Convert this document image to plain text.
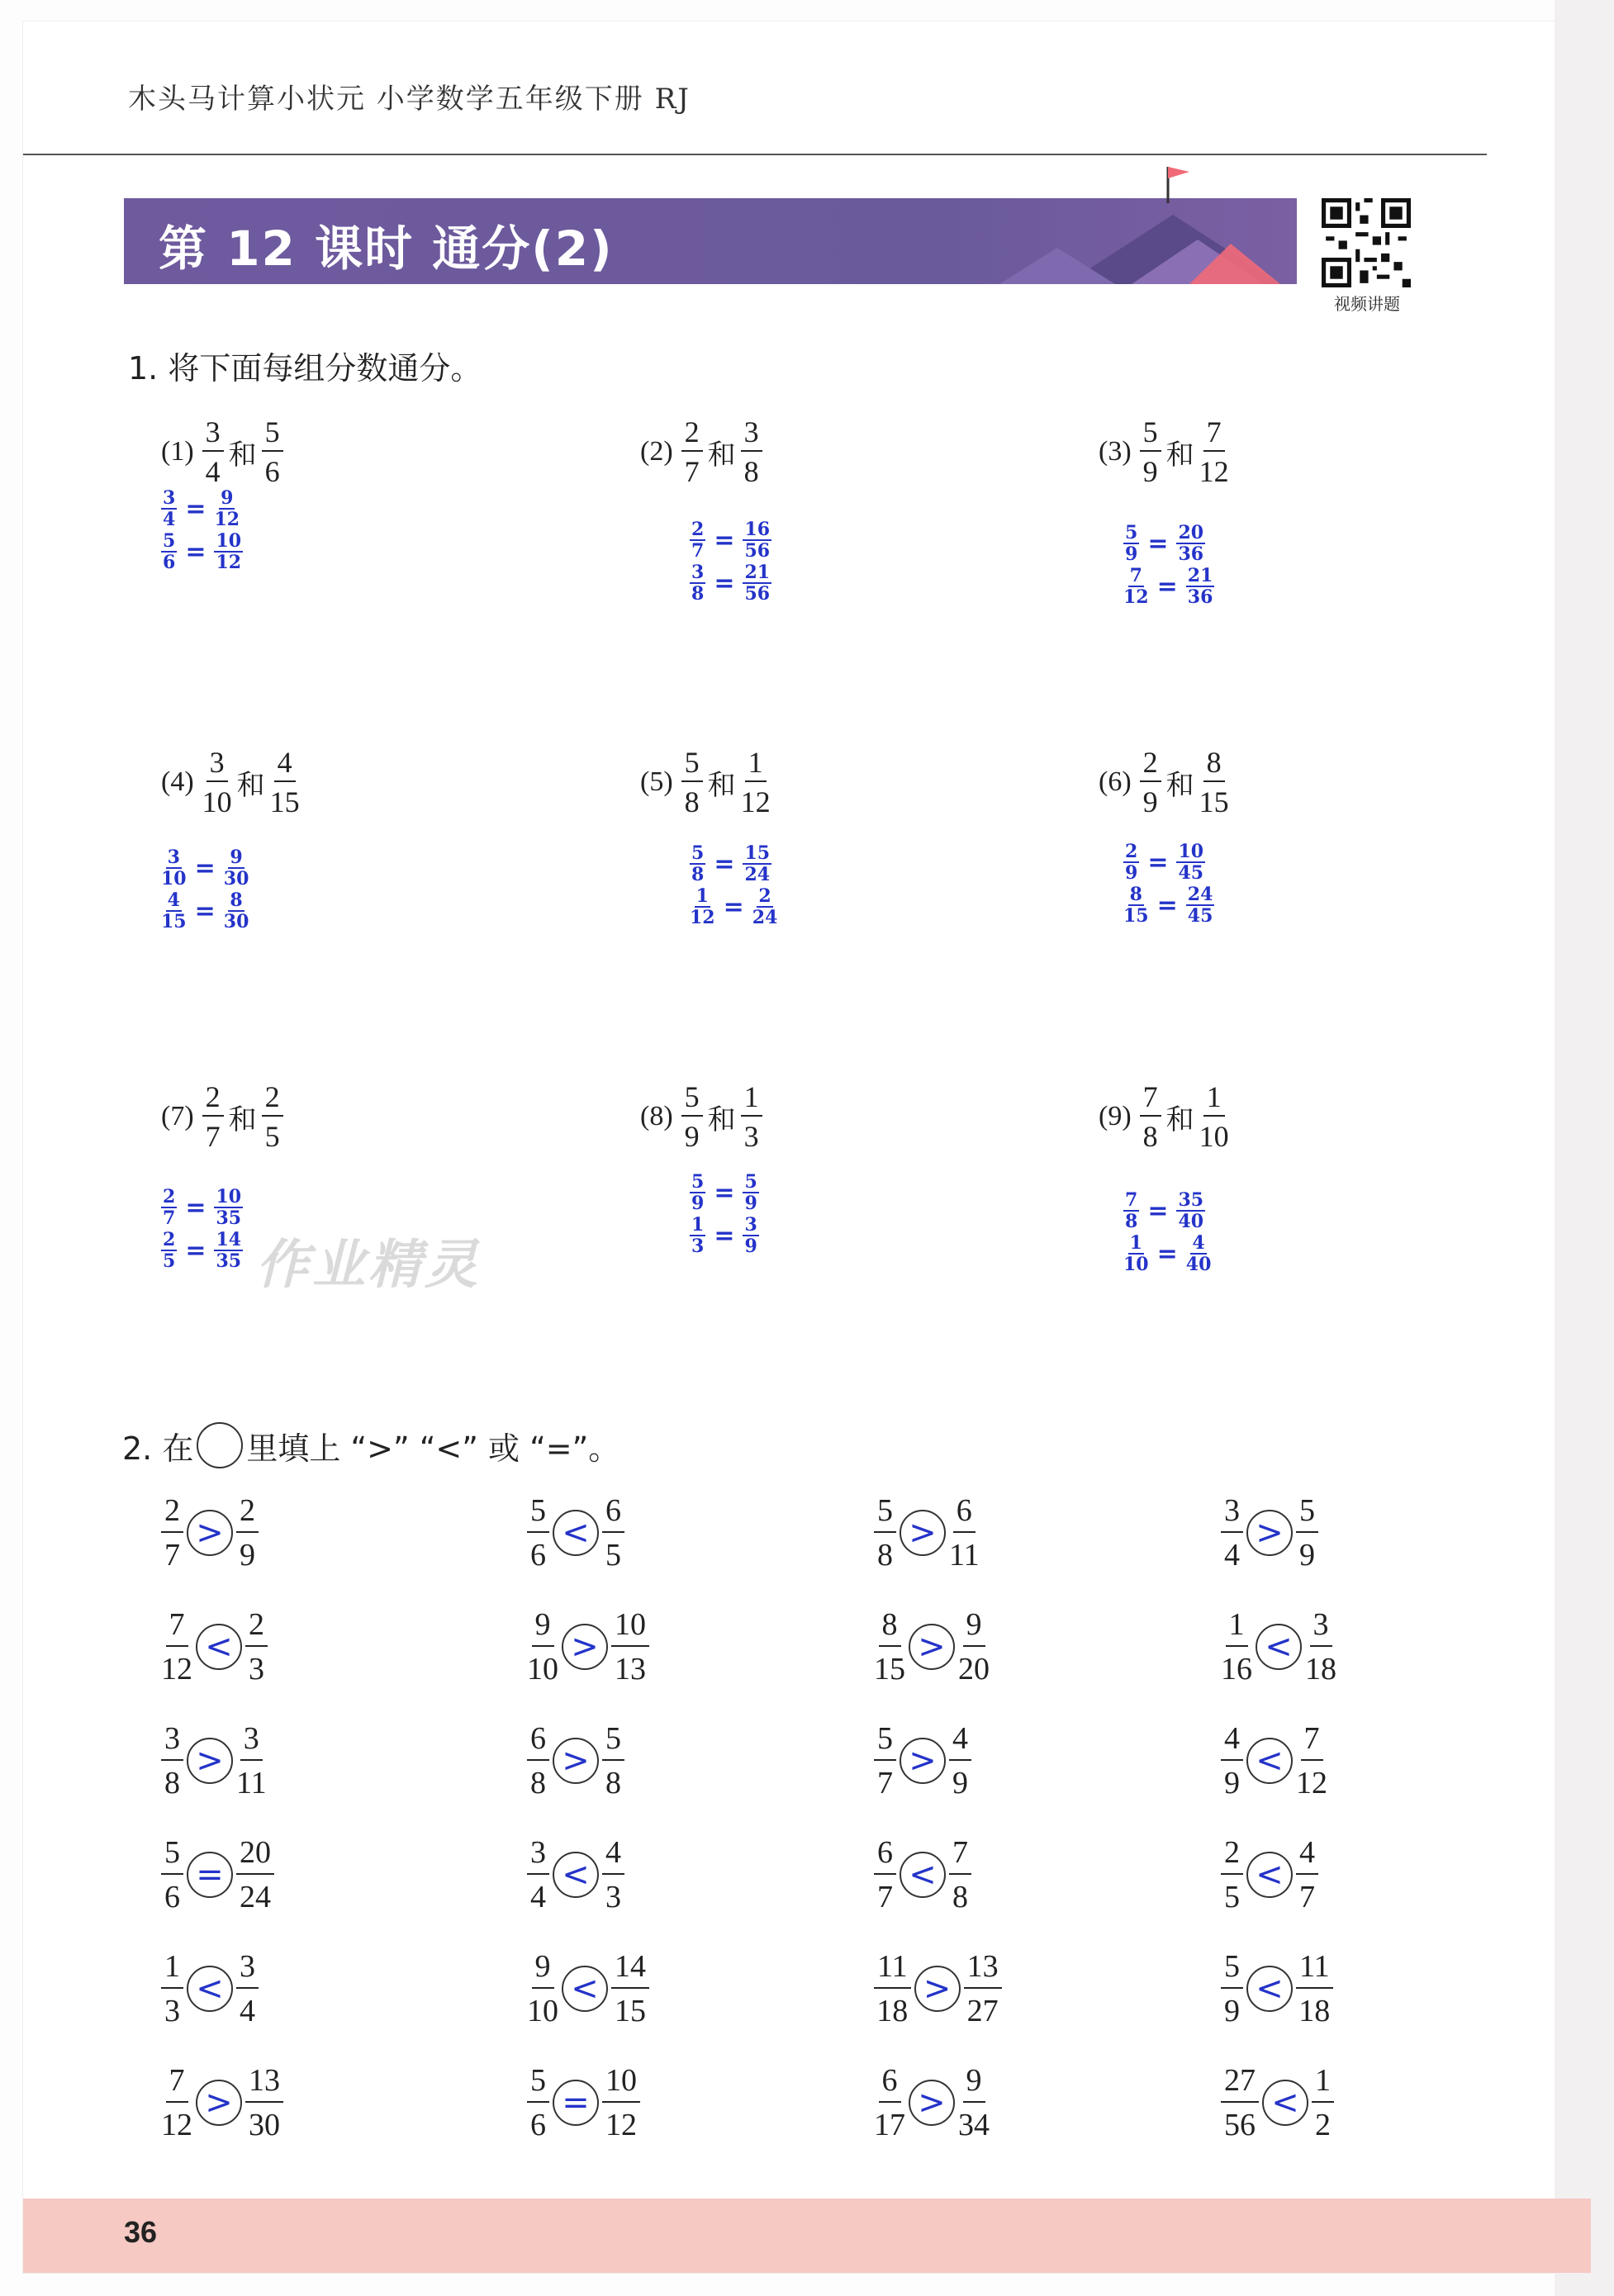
木头马计算小状元 小学数学五年级下册 RJ
第 12 课时 通分(2)
视频讲题
1. 将下面每组分数通分。
$(1) \frac{3}{4}$ 和 $\frac{5}{6}$
$\frac{3}{4} = \frac{9}{12}$
$\frac{5}{6} = \frac{10}{12}$
$(2) \frac{2}{7}$ 和 $\frac{3}{8}$
$\frac{2}{7} = \frac{16}{56}$
$\frac{3}{8} = \frac{21}{56}$
$(3) \frac{5}{9}$ 和 $\frac{7}{12}$
$\frac{5}{9} = \frac{20}{36}$
$\frac{7}{12} = \frac{21}{36}$
$(4) \frac{3}{10}$ 和 $\frac{4}{15}$
$\frac{3}{10} = \frac{9}{30}$
$\frac{4}{15} = \frac{8}{30}$
$(5) \frac{5}{8}$ 和 $\frac{1}{12}$
$\frac{5}{8} = \frac{15}{24}$
$\frac{1}{12} = \frac{2}{24}$
$(6) \frac{2}{9}$ 和 $\frac{8}{15}$
$\frac{2}{9} = \frac{10}{45}$
$\frac{8}{15} = \frac{24}{45}$
$(7) \frac{2}{7}$ 和 $\frac{2}{5}$
$\frac{2}{7} = \frac{10}{35}$
$\frac{2}{5} = \frac{14}{35}$
$(8) \frac{5}{9}$ 和 $\frac{1}{3}$
$\frac{5}{9} = \frac{5}{9}$
$\frac{1}{3} = \frac{3}{9}$
$(9) \frac{7}{8}$ 和 $\frac{1}{10}$
$\frac{7}{8} = \frac{35}{40}$
$\frac{1}{10} = \frac{4}{40}$
作业精灵
2. 在 里填上 “>” “<” 或 “=”。
$\frac{2}{7} > \frac{2}{9}$	$\frac{5}{6} < \frac{6}{5}$	$\frac{5}{8} > \frac{6}{11}$	$\frac{3}{4} > \frac{5}{9}$
$\frac{7}{12} < \frac{2}{3}$	$\frac{9}{10} > \frac{10}{13}$	$\frac{8}{15} > \frac{9}{20}$	$\frac{1}{16} < \frac{3}{18}$
$\frac{3}{8} > \frac{3}{11}$	$\frac{6}{8} > \frac{5}{8}$	$\frac{5}{7} > \frac{4}{9}$	$\frac{4}{9} < \frac{7}{12}$
$\frac{5}{6} = \frac{20}{24}$	$\frac{3}{4} < \frac{4}{3}$	$\frac{6}{7} < \frac{7}{8}$	$\frac{2}{5} < \frac{4}{7}$
$\frac{1}{3} < \frac{3}{4}$	$\frac{9}{10} < \frac{14}{15}$	$\frac{11}{18} > \frac{13}{27}$	$\frac{5}{9} < \frac{11}{18}$
$\frac{7}{12} > \frac{13}{30}$	$\frac{5}{6} = \frac{10}{12}$	$\frac{6}{17} > \frac{9}{34}$	$\frac{27}{56} < \frac{1}{2}$
36
